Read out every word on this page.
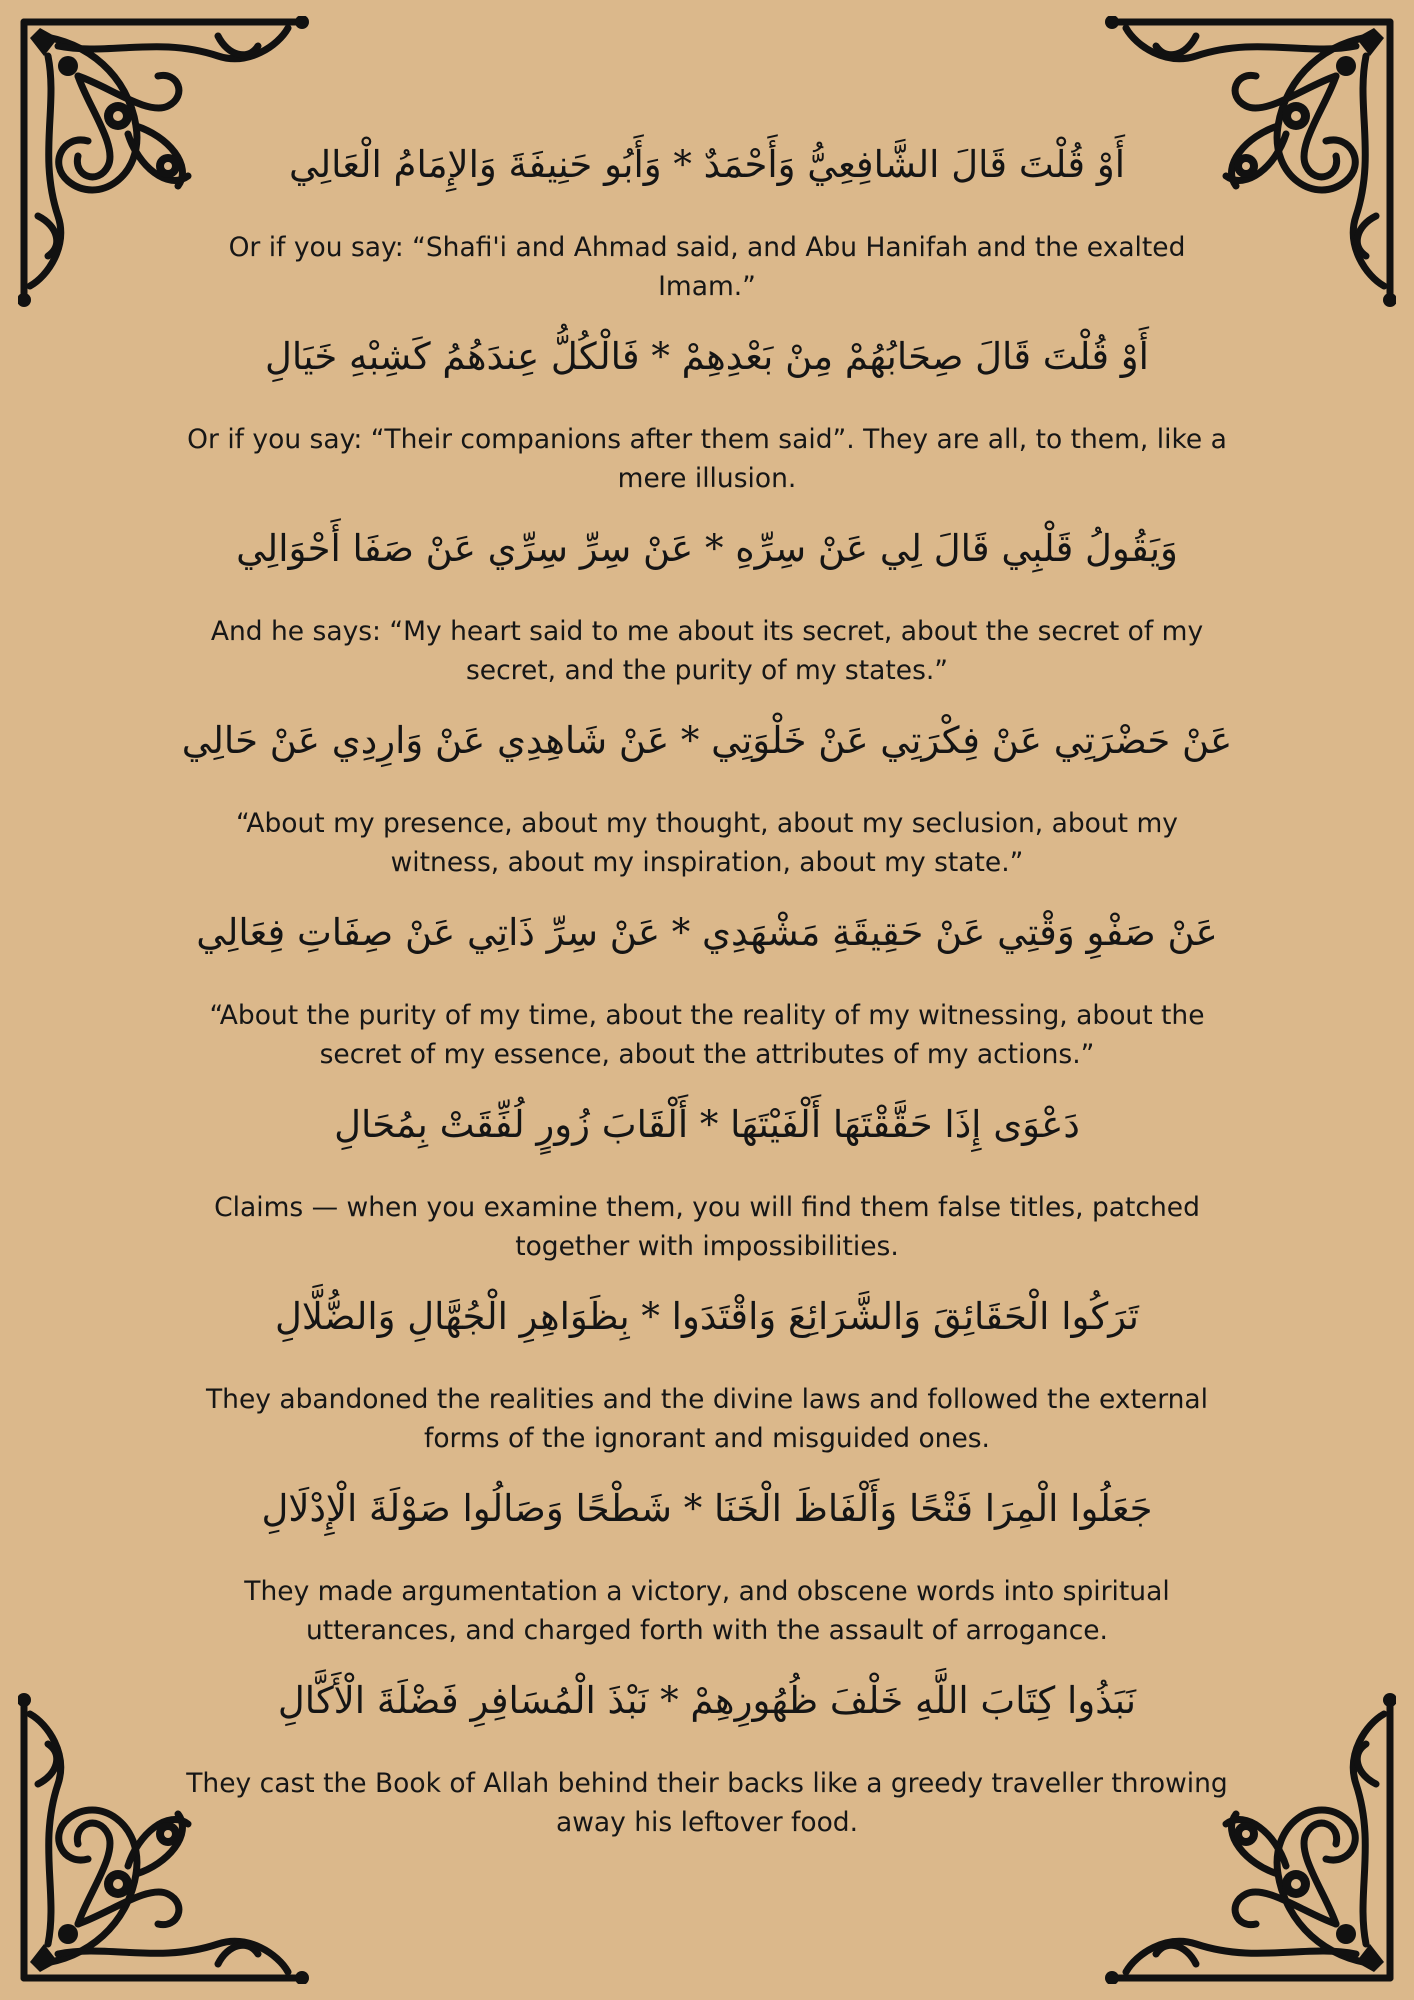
أَوْ قُلْتَ قَالَ الشَّافِعِيُّ وَأَحْمَدٌ * وَأَبُو حَنِيفَةَ وَالإِمَامُ الْعَالِي
Or if you say: “Shafi'i and Ahmad said, and Abu Hanifah and the exalted Imam.”
أَوْ قُلْتَ قَالَ صِحَابُهُمْ مِنْ بَعْدِهِمْ * فَالْكُلُّ عِندَهُمُ كَشِبْهِ خَيَالِ
Or if you say: “Their companions after them said”. They are all, to them, like a mere illusion.
وَيَقُولُ قَلْبِي قَالَ لِي عَنْ سِرِّهِ * عَنْ سِرِّ سِرِّي عَنْ صَفَا أَحْوَالِي
And he says: “My heart said to me about its secret, about the secret of my secret, and the purity of my states.”
عَنْ حَضْرَتِي عَنْ فِكْرَتِي عَنْ خَلْوَتِي * عَنْ شَاهِدِي عَنْ وَارِدِي عَنْ حَالِي
“About my presence, about my thought, about my seclusion, about my witness, about my inspiration, about my state.”
عَنْ صَفْوِ وَقْتِي عَنْ حَقِيقَةِ مَشْهَدِي * عَنْ سِرِّ ذَاتِي عَنْ صِفَاتِ فِعَالِي
“About the purity of my time, about the reality of my witnessing, about the secret of my essence, about the attributes of my actions.”
دَعْوَى إِذَا حَقَّقْتَهَا أَلْفَيْتَهَا * أَلْقَابَ زُورٍ لُفِّقَتْ بِمُحَالِ
Claims — when you examine them, you will find them false titles, patched together with impossibilities.
تَرَكُوا الْحَقَائِقَ وَالشَّرَائِعَ وَاقْتَدَوا * بِظَوَاهِرِ الْجُهَّالِ وَالضُّلَّالِ
They abandoned the realities and the divine laws and followed the external forms of the ignorant and misguided ones.
جَعَلُوا الْمِرَا فَتْحًا وَأَلْفَاظَ الْخَنَا * شَطْحًا وَصَالُوا صَوْلَةَ الْإِدْلَالِ
They made argumentation a victory, and obscene words into spiritual utterances, and charged forth with the assault of arrogance.
نَبَذُوا كِتَابَ اللَّهِ خَلْفَ ظُهُورِهِمْ * نَبْذَ الْمُسَافِرِ فَضْلَةَ الْأَكَّالِ
They cast the Book of Allah behind their backs like a greedy traveller throwing away his leftover food.
